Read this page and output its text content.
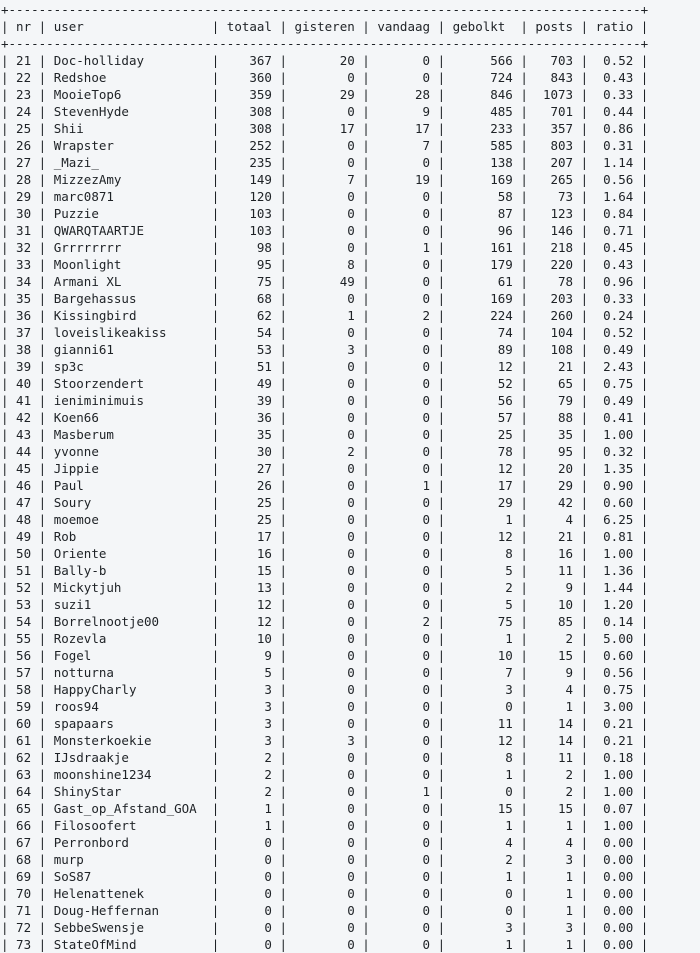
+------------------------------------------------------------------------------------+
| nr | user                 | totaal | gisteren | vandaag | gebolkt  | posts | ratio |
+------------------------------------------------------------------------------------+
| 21 | Doc-holliday         |    367 |       20 |       0 |      566 |   703 |  0.52 |
| 22 | Redshoe              |    360 |        0 |       0 |      724 |   843 |  0.43 |
| 23 | MooieTop6            |    359 |       29 |      28 |      846 |  1073 |  0.33 |
| 24 | StevenHyde           |    308 |        0 |       9 |      485 |   701 |  0.44 |
| 25 | Shii                 |    308 |       17 |      17 |      233 |   357 |  0.86 |
| 26 | Wrapster             |    252 |        0 |       7 |      585 |   803 |  0.31 |
| 27 | _Mazi_               |    235 |        0 |       0 |      138 |   207 |  1.14 |
| 28 | MizzezAmy            |    149 |        7 |      19 |      169 |   265 |  0.56 |
| 29 | marc0871             |    120 |        0 |       0 |       58 |    73 |  1.64 |
| 30 | Puzzie               |    103 |        0 |       0 |       87 |   123 |  0.84 |
| 31 | QWARQTAARTJE         |    103 |        0 |       0 |       96 |   146 |  0.71 |
| 32 | Grrrrrrrr            |     98 |        0 |       1 |      161 |   218 |  0.45 |
| 33 | Moonlight            |     95 |        8 |       0 |      179 |   220 |  0.43 |
| 34 | Armani XL            |     75 |       49 |       0 |       61 |    78 |  0.96 |
| 35 | Bargehassus          |     68 |        0 |       0 |      169 |   203 |  0.33 |
| 36 | Kissingbird          |     62 |        1 |       2 |      224 |   260 |  0.24 |
| 37 | loveislikeakiss      |     54 |        0 |       0 |       74 |   104 |  0.52 |
| 38 | gianni61             |     53 |        3 |       0 |       89 |   108 |  0.49 |
| 39 | sp3c                 |     51 |        0 |       0 |       12 |    21 |  2.43 |
| 40 | Stoorzendert         |     49 |        0 |       0 |       52 |    65 |  0.75 |
| 41 | ieniminimuis         |     39 |        0 |       0 |       56 |    79 |  0.49 |
| 42 | Koen66               |     36 |        0 |       0 |       57 |    88 |  0.41 |
| 43 | Masberum             |     35 |        0 |       0 |       25 |    35 |  1.00 |
| 44 | yvonne               |     30 |        2 |       0 |       78 |    95 |  0.32 |
| 45 | Jippie               |     27 |        0 |       0 |       12 |    20 |  1.35 |
| 46 | Paul                 |     26 |        0 |       1 |       17 |    29 |  0.90 |
| 47 | Soury                |     25 |        0 |       0 |       29 |    42 |  0.60 |
| 48 | moemoe               |     25 |        0 |       0 |        1 |     4 |  6.25 |
| 49 | Rob                  |     17 |        0 |       0 |       12 |    21 |  0.81 |
| 50 | Oriente              |     16 |        0 |       0 |        8 |    16 |  1.00 |
| 51 | Bally-b              |     15 |        0 |       0 |        5 |    11 |  1.36 |
| 52 | Mickytjuh            |     13 |        0 |       0 |        2 |     9 |  1.44 |
| 53 | suzi1                |     12 |        0 |       0 |        5 |    10 |  1.20 |
| 54 | Borrelnootje00       |     12 |        0 |       2 |       75 |    85 |  0.14 |
| 55 | Rozevla              |     10 |        0 |       0 |        1 |     2 |  5.00 |
| 56 | Fogel                |      9 |        0 |       0 |       10 |    15 |  0.60 |
| 57 | notturna             |      5 |        0 |       0 |        7 |     9 |  0.56 |
| 58 | HappyCharly          |      3 |        0 |       0 |        3 |     4 |  0.75 |
| 59 | roos94               |      3 |        0 |       0 |        0 |     1 |  3.00 |
| 60 | spapaars             |      3 |        0 |       0 |       11 |    14 |  0.21 |
| 61 | Monsterkoekie        |      3 |        3 |       0 |       12 |    14 |  0.21 |
| 62 | IJsdraakje           |      2 |        0 |       0 |        8 |    11 |  0.18 |
| 63 | moonshine1234        |      2 |        0 |       0 |        1 |     2 |  1.00 |
| 64 | ShinyStar            |      2 |        0 |       1 |        0 |     2 |  1.00 |
| 65 | Gast_op_Afstand_GOA  |      1 |        0 |       0 |       15 |    15 |  0.07 |
| 66 | Filosoofert          |      1 |        0 |       0 |        1 |     1 |  1.00 |
| 67 | Perronbord           |      0 |        0 |       0 |        4 |     4 |  0.00 |
| 68 | murp                 |      0 |        0 |       0 |        2 |     3 |  0.00 |
| 69 | SoS87                |      0 |        0 |       0 |        1 |     1 |  0.00 |
| 70 | Helenattenek         |      0 |        0 |       0 |        0 |     1 |  0.00 |
| 71 | Doug-Heffernan       |      0 |        0 |       0 |        0 |     1 |  0.00 |
| 72 | SebbeSwensje         |      0 |        0 |       0 |        3 |     3 |  0.00 |
| 73 | StateOfMind          |      0 |        0 |       0 |        1 |     1 |  0.00 |
